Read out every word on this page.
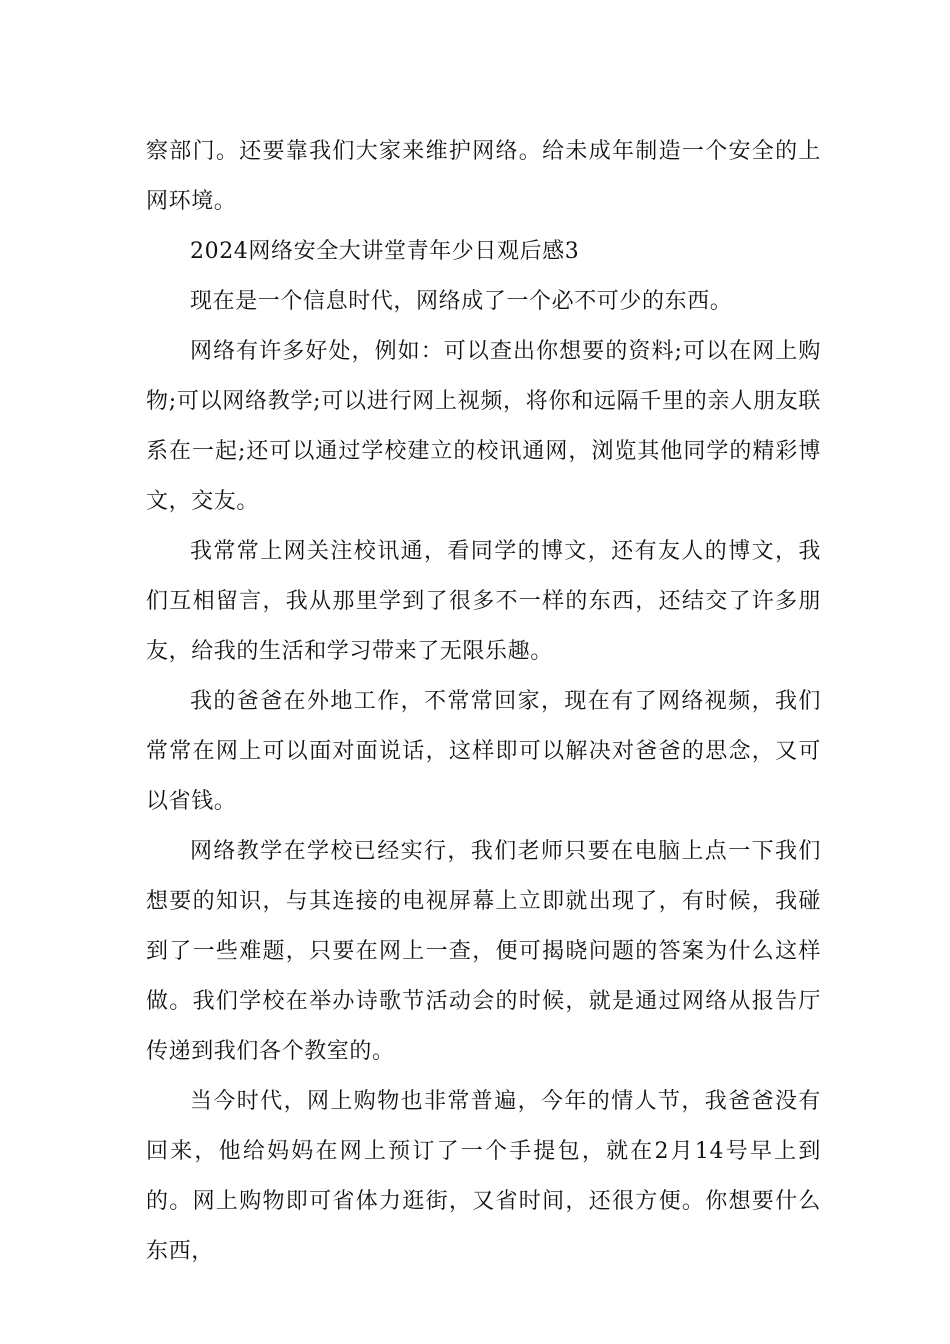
察部门。还要靠我们大家来维护网络。给未成年制造一个安全的上网环境。

2024网络安全大讲堂青年少日观后感3

现在是一个信息时代，网络成了一个必不可少的东西。

网络有许多好处，例如：可以查出你想要的资料;可以在网上购物;可以网络教学;可以进行网上视频，将你和远隔千里的亲人朋友联系在一起;还可以通过学校建立的校讯通网，浏览其他同学的精彩博文，交友。

我常常上网关注校讯通，看同学的博文，还有友人的博文，我们互相留言，我从那里学到了很多不一样的东西，还结交了许多朋友，给我的生活和学习带来了无限乐趣。

我的爸爸在外地工作，不常常回家，现在有了网络视频，我们常常在网上可以面对面说话，这样即可以解决对爸爸的思念，又可以省钱。

网络教学在学校已经实行，我们老师只要在电脑上点一下我们想要的知识，与其连接的电视屏幕上立即就出现了，有时候，我碰到了一些难题，只要在网上一查，便可揭晓问题的答案为什么这样做。我们学校在举办诗歌节活动会的时候，就是通过网络从报告厅传递到我们各个教室的。

当今时代，网上购物也非常普遍，今年的情人节，我爸爸没有回来，他给妈妈在网上预订了一个手提包，就在2月14号早上到的。网上购物即可省体力逛街，又省时间，还很方便。你想要什么东西，
